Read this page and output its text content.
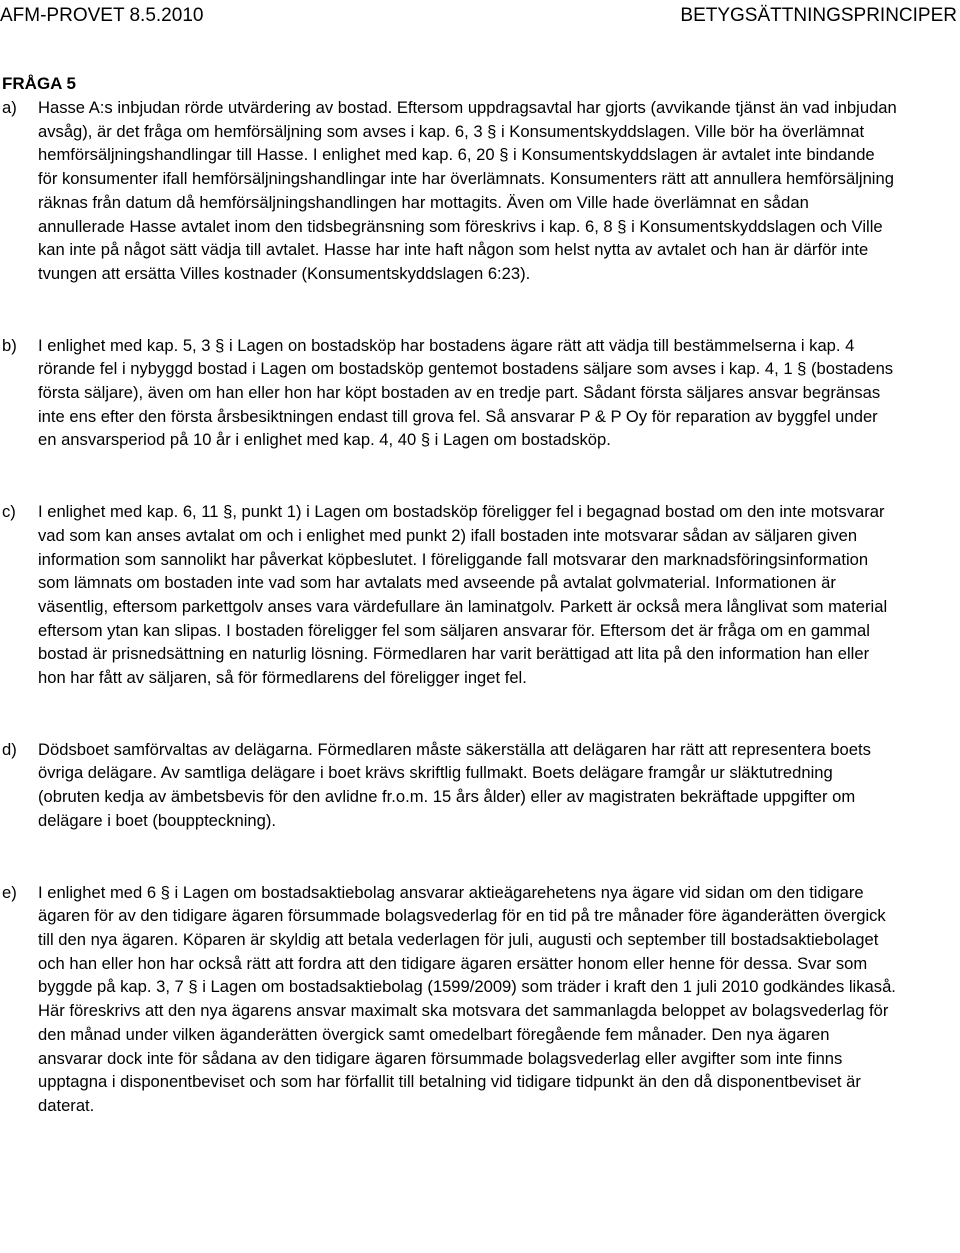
AFM-PROVET 8.5.2010	BETYGSÄTTNINGSPRINCIPER

FRÅGA 5

a)	Hasse A:s inbjudan rörde utvärdering av bostad. Eftersom uppdragsavtal har gjorts (avvikande tjänst än vad inbjudan avsåg), är det fråga om hemförsäljning som avses i kap. 6, 3 § i Konsumentskyddslagen. Ville bör ha överlämnat hemförsäljningshandlingar till Hasse. I enlighet med kap. 6, 20 § i Konsumentskyddslagen är avtalet inte bindande för konsumenter ifall hemförsäljningshandlingar inte har överlämnats. Konsumenters rätt att annullera hemförsäljning räknas från datum då hemförsäljningshandlingen har mottagits. Även om Ville hade överlämnat en sådan annullerade Hasse avtalet inom den tidsbegränsning som föreskrivs i kap. 6, 8 § i Konsumentskyddslagen och Ville kan inte på något sätt vädja till avtalet. Hasse har inte haft någon som helst nytta av avtalet och han är därför inte tvungen att ersätta Villes kostnader (Konsumentskyddslagen 6:23).

b)	I enlighet med kap. 5, 3 § i Lagen on bostadsköp har bostadens ägare rätt att vädja till bestämmelserna i kap. 4 rörande fel i nybyggd bostad i Lagen om bostadsköp gentemot bostadens säljare som avses i kap. 4, 1 § (bostadens första säljare), även om han eller hon har köpt bostaden av en tredje part. Sådant första säljares ansvar begränsas inte ens efter den första årsbesiktningen endast till grova fel. Så ansvarar P & P Oy för reparation av byggfel under en ansvarsperiod på 10 år i enlighet med kap. 4, 40 § i Lagen om bostadsköp.

c)	I enlighet med kap. 6, 11 §, punkt 1) i Lagen om bostadsköp föreligger fel i begagnad bostad om den inte motsvarar vad som kan anses avtalat om och i enlighet med punkt 2) ifall bostaden inte motsvarar sådan av säljaren given information som sannolikt har påverkat köpbeslutet. I föreliggande fall motsvarar den marknadsföringsinformation som lämnats om bostaden inte vad som har avtalats med avseende på avtalat golvmaterial. Informationen är väsentlig, eftersom parkettgolv anses vara värdefullare än laminatgolv. Parkett är också mera långlivat som material eftersom ytan kan slipas. I bostaden föreligger fel som säljaren ansvarar för. Eftersom det är fråga om en gammal bostad är prisnedsättning en naturlig lösning. Förmedlaren har varit berättigad att lita på den information han eller hon har fått av säljaren, så för förmedlarens del föreligger inget fel.

d)	Dödsboet samförvaltas av delägarna. Förmedlaren måste säkerställa att delägaren har rätt att representera boets övriga delägare. Av samtliga delägare i boet krävs skriftlig fullmakt. Boets delägare framgår ur släktutredning (obruten kedja av ämbetsbevis för den avlidne fr.o.m. 15 års ålder) eller av magistraten bekräftade uppgifter om delägare i boet (bouppteckning).

e)	I enlighet med 6 § i Lagen om bostadsaktiebolag ansvarar aktieägarehetens nya ägare vid sidan om den tidigare ägaren för av den tidigare ägaren försummade bolagsvederlag för en tid på tre månader före äganderätten övergick till den nya ägaren. Köparen är skyldig att betala vederlagen för juli, augusti och september till bostadsaktiebolaget och han eller hon har också rätt att fordra att den tidigare ägaren ersätter honom eller henne för dessa. Svar som byggde på kap. 3, 7 § i Lagen om bostadsaktiebolag (1599/2009) som träder i kraft den 1 juli 2010 godkändes likaså. Här föreskrivs att den nya ägarens ansvar maximalt ska motsvara det sammanlagda beloppet av bolagsvederlag för den månad under vilken äganderätten övergick samt omedelbart föregående fem månader. Den nya ägaren ansvarar dock inte för sådana av den tidigare ägaren försummade bolagsvederlag eller avgifter som inte finns upptagna i disponentbeviset och som har förfallit till betalning vid tidigare tidpunkt än den då disponentbeviset är daterat.
